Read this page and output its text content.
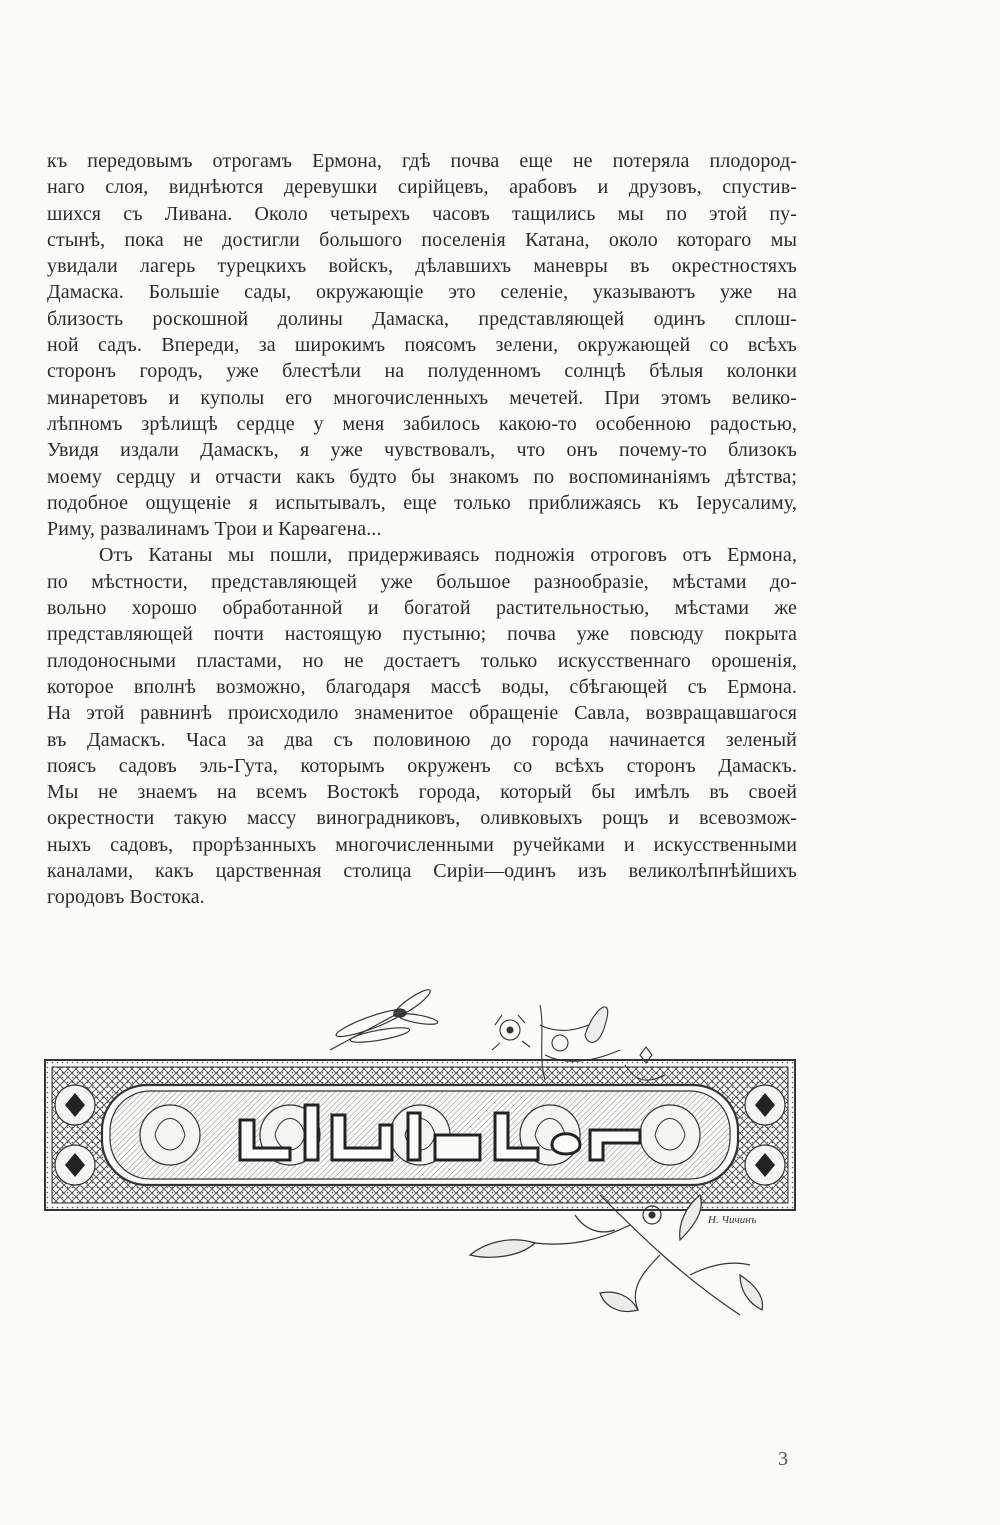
къ передовымъ отрогамъ Ермона, гдѣ почва еще не потеряла плодород-
наго слоя, виднѣются деревушки сирійцевъ, арабовъ и друзовъ, спустив-
шихся съ Ливана. Около четырехъ часовъ тащились мы по этой пу-
стынѣ, пока не достигли большого поселенія Катана, около котораго мы
увидали лагерь турецкихъ войскъ, дѣлавшихъ маневры въ окрестностяхъ
Дамаска. Большіе сады, окружающіе это селеніе, указываютъ уже на
близость роскошной долины Дамаска, представляющей одинъ сплош-
ной садъ. Впереди, за широкимъ поясомъ зелени, окружающей со всѣхъ
сторонъ городъ, уже блестѣли на полуденномъ солнцѣ бѣлыя колонки
минаретовъ и куполы его многочисленныхъ мечетей. При этомъ велико-
лѣпномъ зрѣлищѣ сердце у меня забилось какою-то особенною радостью,
Увидя издали Дамаскъ, я уже чувствовалъ, что онъ почему-то близокъ
моему сердцу и отчасти какъ будто бы знакомъ по воспоминаніямъ дѣтства;
подобное ощущеніе я испытывалъ, еще только приближаясь къ Іерусалиму,
Риму, развалинамъ Трои и Карѳагена...
Отъ Катаны мы пошли, придерживаясь подножія отроговъ отъ Ермона,
по мѣстности, представляющей уже большое разнообразіе, мѣстами до-
вольно хорошо обработанной и богатой растительностью, мѣстами же
представляющей почти настоящую пустыню; почва уже повсюду покрыта
плодоносными пластами, но не достаетъ только искусственнаго орошенія,
которое вполнѣ возможно, благодаря массѣ воды, сбѣгающей съ Ермона.
На этой равнинѣ происходило знаменитое обращеніе Савла, возвращавшагося
въ Дамаскъ. Часа за два съ половиною до города начинается зеленый
поясъ садовъ эль-Гута, которымъ окруженъ со всѣхъ сторонъ Дамаскъ.
Мы не знаемъ на всемъ Востокѣ города, который бы имѣлъ въ своей
окрестности такую массу виноградниковъ, оливковыхъ рощъ и всевозмож-
ныхъ садовъ, прорѣзанныхъ многочисленными ручейками и искусственными
каналами, какъ царственная столица Сиріи—одинъ изъ великолѣпнѣйшихъ
городовъ Востока.
Н. Чичинъ
3
